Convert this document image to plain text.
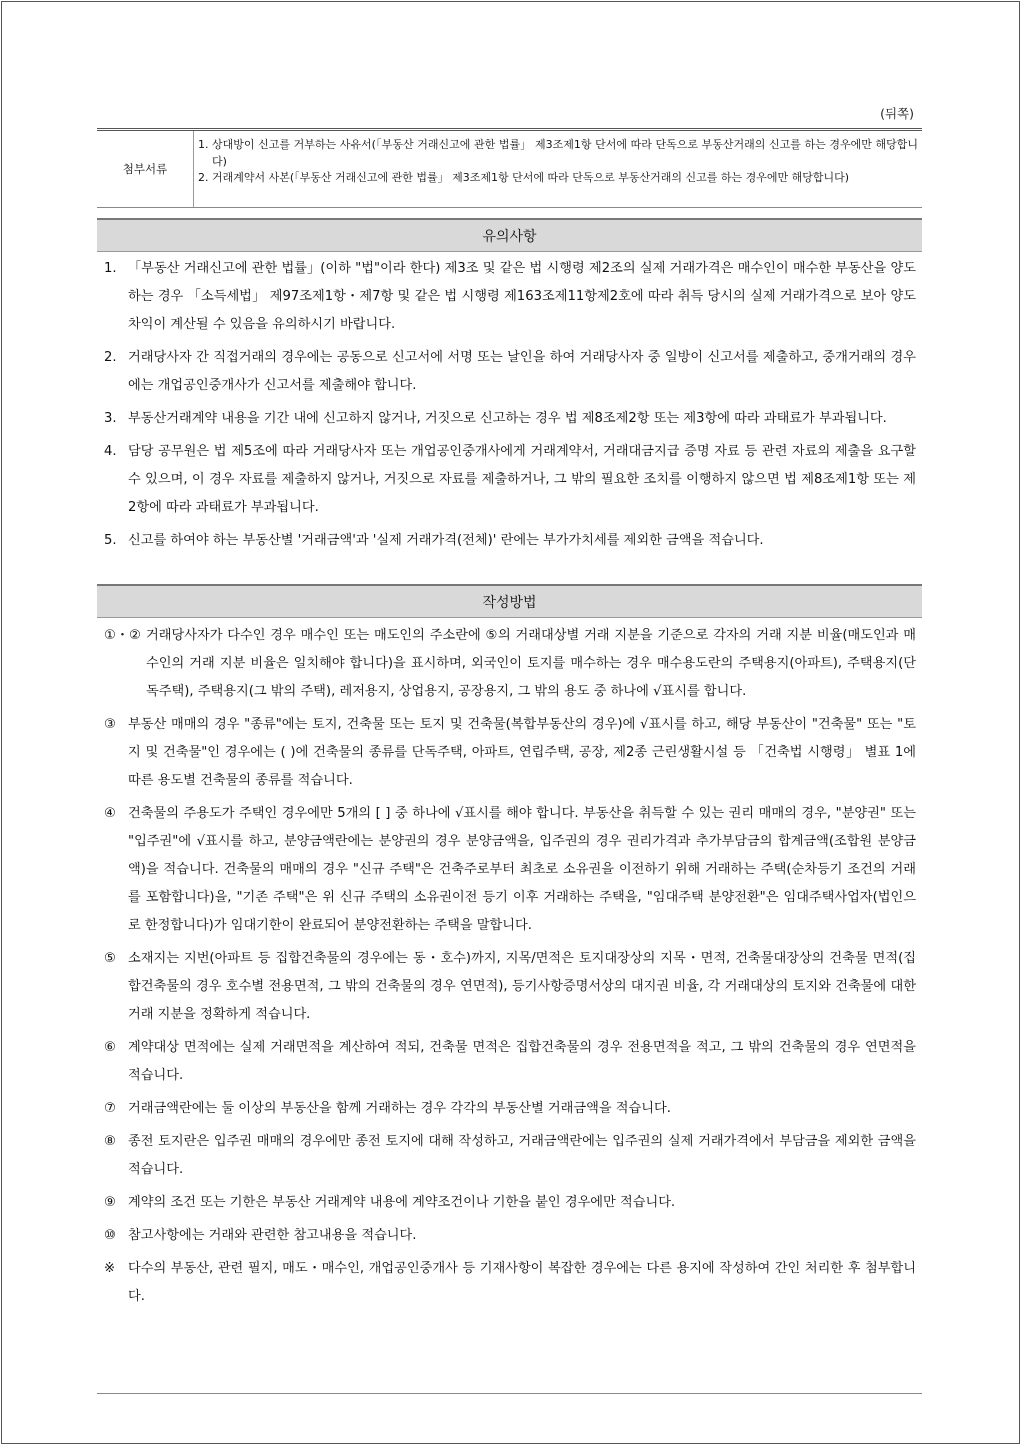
(뒤쪽)
첨부서류
1. 상대방이 신고를 거부하는 사유서(「부동산 거래신고에 관한 법률」 제3조제1항 단서에 따라 단독으로 부동산거래의 신고를 하는 경우에만 해당합니다)
2. 거래계약서 사본(「부동산 거래신고에 관한 법률」 제3조제1항 단서에 따라 단독으로 부동산거래의 신고를 하는 경우에만 해당합니다)
유의사항
1. 「부동산 거래신고에 관한 법률」(이하 "법"이라 한다) 제3조 및 같은 법 시행령 제2조의 실제 거래가격은 매수인이 매수한 부동산을 양도하는 경우 「소득세법」 제97조제1항・제7항 및 같은 법 시행령 제163조제11항제2호에 따라 취득 당시의 실제 거래가격으로 보아 양도차익이 계산될 수 있음을 유의하시기 바랍니다.
2. 거래당사자 간 직접거래의 경우에는 공동으로 신고서에 서명 또는 날인을 하여 거래당사자 중 일방이 신고서를 제출하고, 중개거래의 경우에는 개업공인중개사가 신고서를 제출해야 합니다.
3. 부동산거래계약 내용을 기간 내에 신고하지 않거나, 거짓으로 신고하는 경우 법 제8조제2항 또는 제3항에 따라 과태료가 부과됩니다.
4. 담당 공무원은 법 제5조에 따라 거래당사자 또는 개업공인중개사에게 거래계약서, 거래대금지급 증명 자료 등 관련 자료의 제출을 요구할 수 있으며, 이 경우 자료를 제출하지 않거나, 거짓으로 자료를 제출하거나, 그 밖의 필요한 조치를 이행하지 않으면 법 제8조제1항 또는 제2항에 따라 과태료가 부과됩니다.
5. 신고를 하여야 하는 부동산별 '거래금액'과 '실제 거래가격(전체)' 란에는 부가가치세를 제외한 금액을 적습니다.
작성방법
①・② 거래당사자가 다수인 경우 매수인 또는 매도인의 주소란에 ⑤의 거래대상별 거래 지분을 기준으로 각자의 거래 지분 비율(매도인과 매수인의 거래 지분 비율은 일치해야 합니다)을 표시하며, 외국인이 토지를 매수하는 경우 매수용도란의 주택용지(아파트), 주택용지(단독주택), 주택용지(그 밖의 주택), 레저용지, 상업용지, 공장용지, 그 밖의 용도 중 하나에 √표시를 합니다.
③ 부동산 매매의 경우 "종류"에는 토지, 건축물 또는 토지 및 건축물(복합부동산의 경우)에 √표시를 하고, 해당 부동산이 "건축물" 또는 "토지 및 건축물"인 경우에는 ( )에 건축물의 종류를 단독주택, 아파트, 연립주택, 공장, 제2종 근린생활시설 등 「건축법 시행령」 별표 1에 따른 용도별 건축물의 종류를 적습니다.
④ 건축물의 주용도가 주택인 경우에만 5개의 [ ] 중 하나에 √표시를 해야 합니다. 부동산을 취득할 수 있는 권리 매매의 경우, "분양권" 또는 "입주권"에 √표시를 하고, 분양금액란에는 분양권의 경우 분양금액을, 입주권의 경우 권리가격과 추가부담금의 합계금액(조합원 분양금액)을 적습니다. 건축물의 매매의 경우 "신규 주택"은 건축주로부터 최초로 소유권을 이전하기 위해 거래하는 주택(순차등기 조건의 거래를 포함합니다)을, "기존 주택"은 위 신규 주택의 소유권이전 등기 이후 거래하는 주택을, "임대주택 분양전환"은 임대주택사업자(법인으로 한정합니다)가 임대기한이 완료되어 분양전환하는 주택을 말합니다.
⑤ 소재지는 지번(아파트 등 집합건축물의 경우에는 동・호수)까지, 지목/면적은 토지대장상의 지목・면적, 건축물대장상의 건축물 면적(집합건축물의 경우 호수별 전용면적, 그 밖의 건축물의 경우 연면적), 등기사항증명서상의 대지권 비율, 각 거래대상의 토지와 건축물에 대한 거래 지분을 정확하게 적습니다.
⑥ 계약대상 면적에는 실제 거래면적을 계산하여 적되, 건축물 면적은 집합건축물의 경우 전용면적을 적고, 그 밖의 건축물의 경우 연면적을 적습니다.
⑦ 거래금액란에는 둘 이상의 부동산을 함께 거래하는 경우 각각의 부동산별 거래금액을 적습니다.
⑧ 종전 토지란은 입주권 매매의 경우에만 종전 토지에 대해 작성하고, 거래금액란에는 입주권의 실제 거래가격에서 부담금을 제외한 금액을 적습니다.
⑨ 계약의 조건 또는 기한은 부동산 거래계약 내용에 계약조건이나 기한을 붙인 경우에만 적습니다.
⑩ 참고사항에는 거래와 관련한 참고내용을 적습니다.
※ 다수의 부동산, 관련 필지, 매도・매수인, 개업공인중개사 등 기재사항이 복잡한 경우에는 다른 용지에 작성하여 간인 처리한 후 첨부합니다.
